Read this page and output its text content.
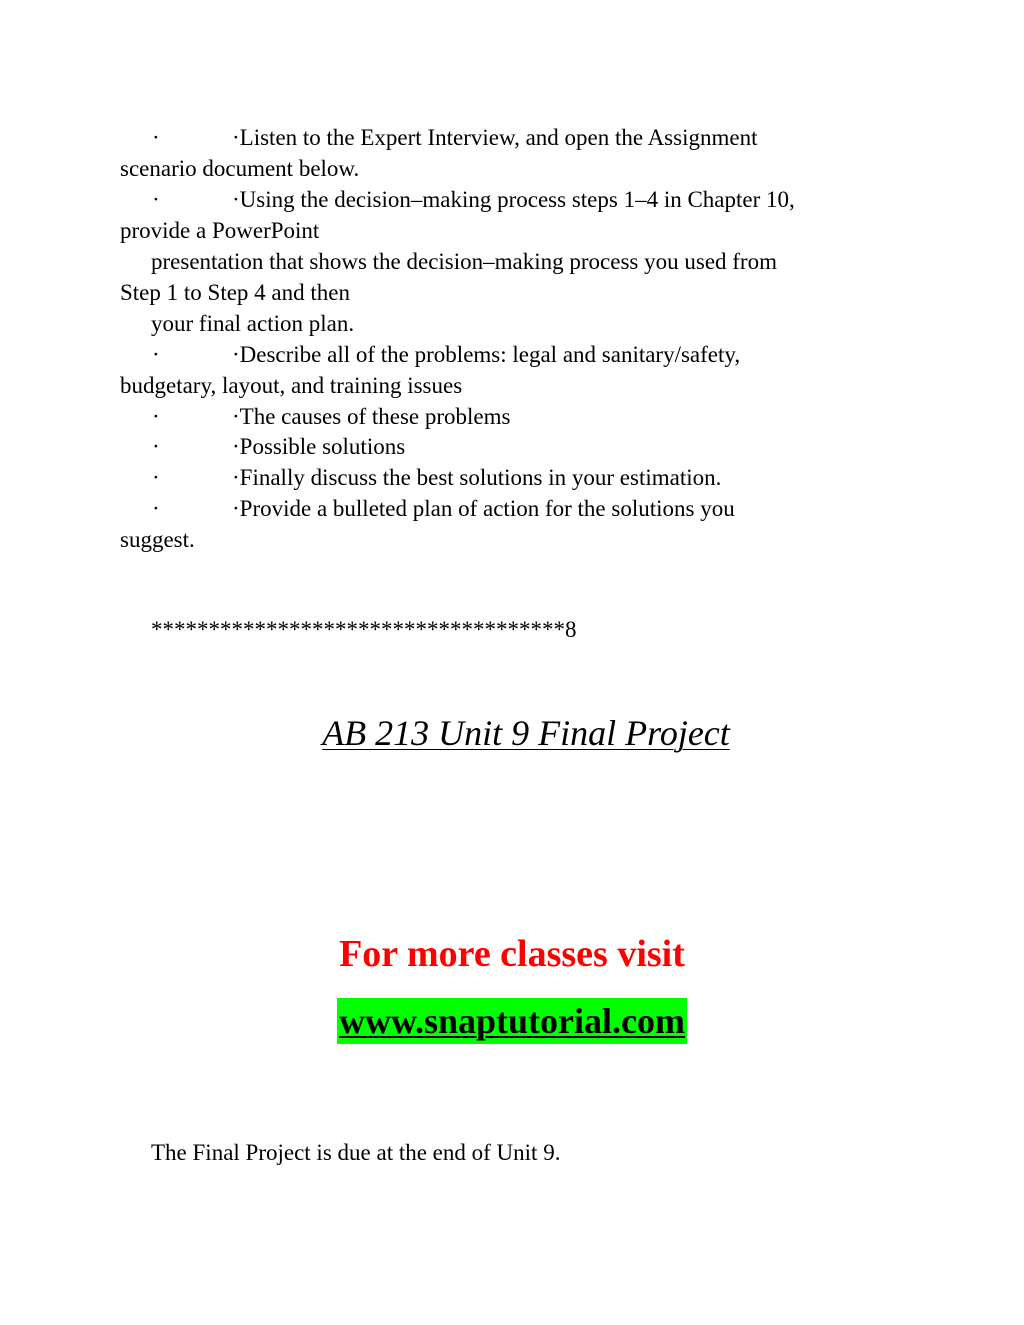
·	·Listen to the Expert Interview, and open the Assignment
scenario document below.
·	·Using the decision–making process steps 1–4 in Chapter 10,
provide a PowerPoint
presentation that shows the decision–making process you used from
Step 1 to Step 4 and then
your final action plan.
·	·Describe all of the problems: legal and sanitary/safety,
budgetary, layout, and training issues
·	·The causes of these problems
·	·Possible solutions
·	·Finally discuss the best solutions in your estimation.
·	·Provide a bulleted plan of action for the solutions you
suggest.
************************************8
AB 213 Unit 9 Final Project
For more classes visit
www.snaptutorial.com
The Final Project is due at the end of Unit 9.
